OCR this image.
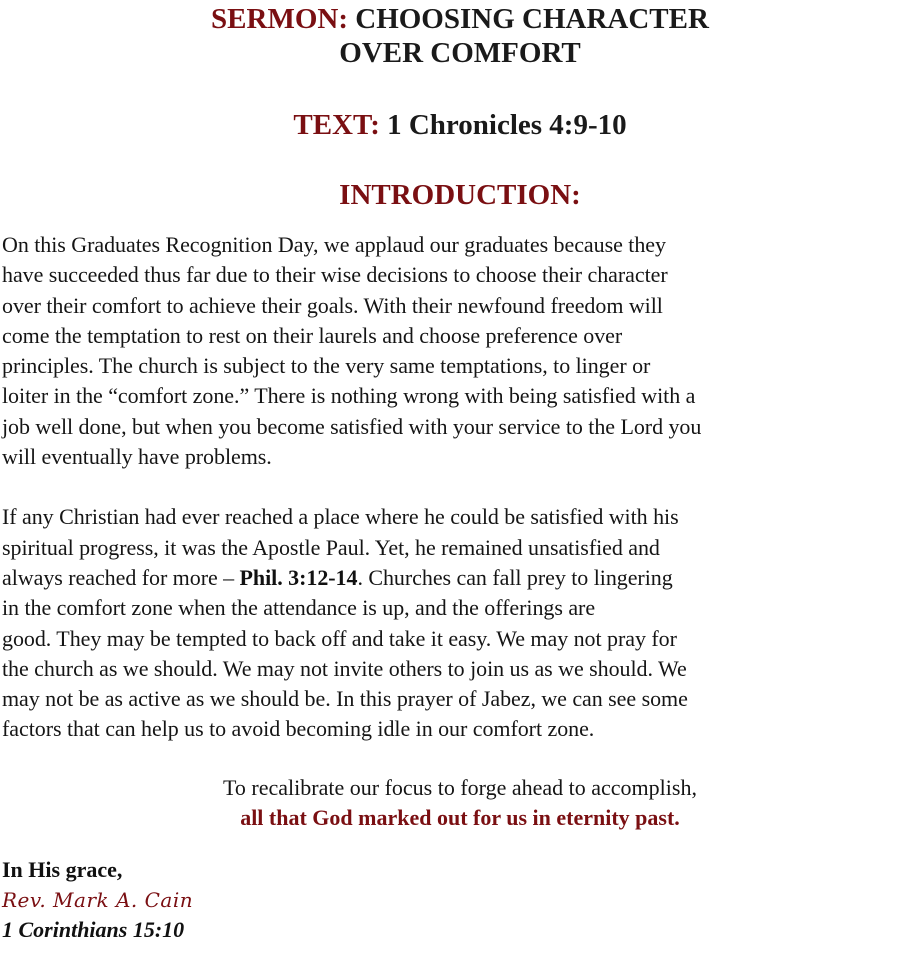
SERMON: CHOOSING CHARACTER
OVER COMFORT
TEXT: 1 Chronicles 4:9-10
INTRODUCTION:

On this Graduates Recognition Day, we applaud our graduates because they
have succeeded thus far due to their wise decisions to choose their character
over their comfort to achieve their goals. With their newfound freedom will
come the temptation to rest on their laurels and choose preference over
principles. The church is subject to the very same temptations, to linger or
loiter in the “comfort zone.” There is nothing wrong with being satisfied with a
job well done, but when you become satisfied with your service to the Lord you
will eventually have problems.

If any Christian had ever reached a place where he could be satisfied with his
spiritual progress, it was the Apostle Paul. Yet, he remained unsatisfied and
always reached for more – Phil. 3:12-14. Churches can fall prey to lingering
in the comfort zone when the attendance is up, and the offerings are
good. They may be tempted to back off and take it easy. We may not pray for
the church as we should. We may not invite others to join us as we should. We
may not be as active as we should be. In this prayer of Jabez, we can see some
factors that can help us to avoid becoming idle in our comfort zone.

To recalibrate our focus to forge ahead to accomplish,
all that God marked out for us in eternity past.
In His grace,
Rev. Mark A. Cain
1 Corinthians 15:10
